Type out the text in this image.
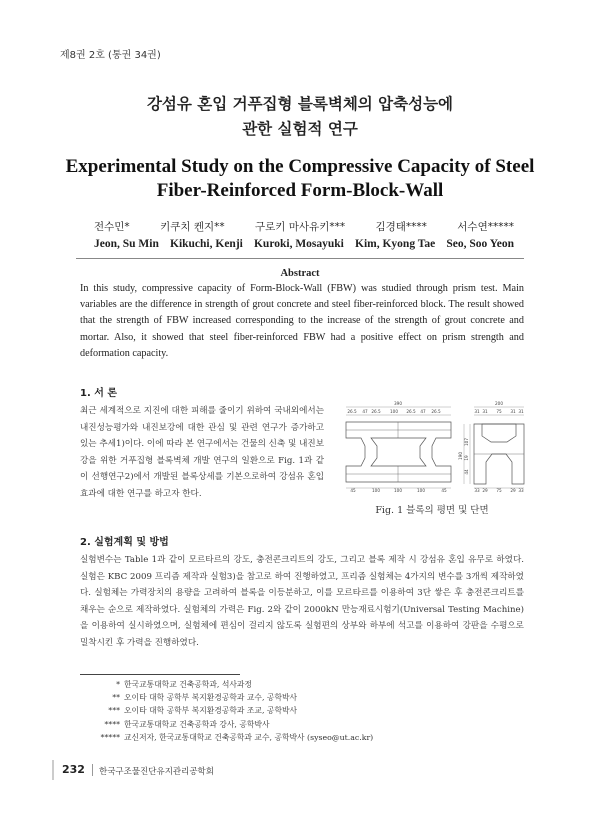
제8권 2호 (통권 34권)
강섬유 혼입 거푸집형 블록벽체의 압축성능에
관한 실험적 연구
Experimental Study on the Compressive Capacity of Steel
Fiber-Reinforced Form-Block-Wall
전수민*	키쿠치 켄지**	구로키 마사유키***	김경태****	서수연*****
Jeon, Su Min Kikuchi, Kenji Kuroki, Mosayuki Kim, Kyong Tae Seo, Soo Yeon
Abstract
In this study, compressive capacity of Form-Block-Wall (FBW) was studied through prism test. Main variables are the difference in strength of grout concrete and steel fiber-reinforced block. The result showed that the strength of FBW increased corresponding to the increase of the strength of grout concrete and mortar. Also, it showed that steel fiber-reinforced FBW had a positive effect on prism strength and deformation capacity.
1. 서 론
최근 세계적으로 지진에 대한 피해를 줄이기 위하여 국내외에서는 내진성능평가와 내진보강에 대한 관심 및 관련 연구가 증가하고 있는 추세1)이다. 이에 따라 본 연구에서는 건물의 신축 및 내진보강을 위한 거푸집형 블록벽체 개발 연구의 일환으로 Fig. 1과 같이 선행연구2)에서 개발된 블록상세를 기본으로하여 강섬유 혼입 효과에 대한 연구를 하고자 한다.
390
26.5 47 26.5 100 26.5 47 26.5
45	100	100	100	45
200
31 31 75 31 31
33 29 75 29 33
190
107
19
44
Fig. 1 블록의 평면 및 단면
2. 실험계획 및 방법
실험변수는 Table 1과 같이 모르타르의 강도, 충전콘크리트의 강도, 그리고 블록 제작 시 강섬유 혼입 유무로 하였다. 실험은 KBC 2009 프리즘 제작과 실험3)을 참고로 하여 진행하였고, 프리즘 실험체는 4가지의 변수를 3개씩 제작하였다. 실험체는 가력장치의 용량을 고려하여 블록을 이등분하고, 이를 모르타르를 이용하여 3단 쌓은 후 충전콘크리트를 채우는 순으로 제작하였다. 실험체의 가력은 Fig. 2와 같이 2000kN 만능재료시험기(Universal Testing Machine)을 이용하여 실시하였으며, 실험체에 편심이 걸리지 않도록 실험편의 상부와 하부에 석고를 이용하여 강판을 수평으로 밀착시킨 후 가력을 진행하였다.
* 한국교통대학교 건축공학과, 석사과정
** 오이타 대학 공학부 복지환경공학과 교수, 공학박사
*** 오이타 대학 공학부 복지환경공학과 조교, 공학박사
**** 한국교통대학교 건축공학과 강사, 공학박사
***** 교신저자, 한국교통대학교 건축공학과 교수, 공학박사 (syseo@ut.ac.kr)
232 한국구조물진단유지관리공학회
